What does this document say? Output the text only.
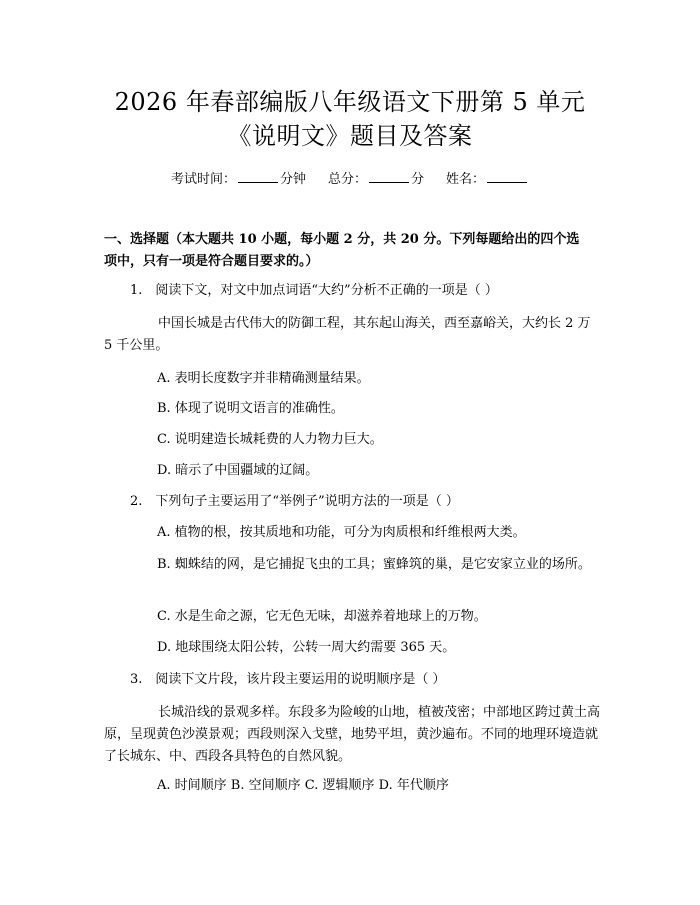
2026 年春部编版八年级语文下册第 5 单元
《说明文》题目及答案
考试时间：	分钟 总分：	分 姓名：
一、选择题（本大题共 10 小题，每小题 2 分，共 20 分。下列每题给出的四个选
项中，只有一项是符合题目要求的。）
1.　阅读下文，对文中加点词语“大约”分析不正确的一项是（ ）
中国长城是古代伟大的防御工程，其东起山海关，西至嘉峪关，大约长 2 万 5 千公里。
A. 表明长度数字并非精确测量结果。
B. 体现了说明文语言的准确性。
C. 说明建造长城耗费的人力物力巨大。
D. 暗示了中国疆域的辽阔。
2.　下列句子主要运用了“举例子”说明方法的一项是（ ）
A. 植物的根，按其质地和功能，可分为肉质根和纤维根两大类。
B. 蜘蛛结的网，是它捕捉飞虫的工具；蜜蜂筑的巢，是它安家立业的场所。
C. 水是生命之源，它无色无味，却滋养着地球上的万物。
D. 地球围绕太阳公转，公转一周大约需要 365 天。
3.　阅读下文片段，该片段主要运用的说明顺序是（ ）
长城沿线的景观多样。东段多为险峻的山地，植被茂密；中部地区跨过黄土高原，呈现黄色沙漠景观；西段则深入戈壁，地势平坦，黄沙遍布。不同的地理环境造就了长城东、中、西段各具特色的自然风貌。
A. 时间顺序 B. 空间顺序 C. 逻辑顺序 D. 年代顺序
